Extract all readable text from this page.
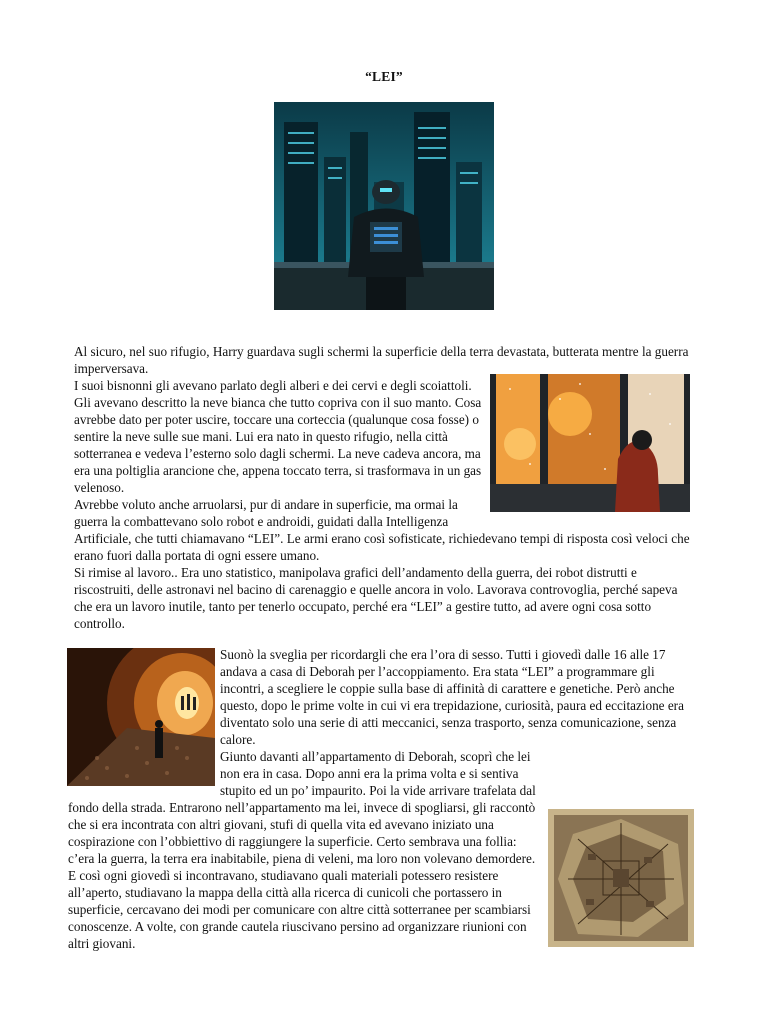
“LEI”

Al sicuro, nel suo rifugio, Harry guardava sugli schermi la superficie della terra devastata, butterata mentre la guerra imperversava.

I suoi bisnonni gli avevano parlato degli alberi e dei cervi e degli scoiattoli. Gli avevano descritto la neve bianca che tutto copriva con il suo manto. Cosa avrebbe dato per poter uscire, toccare una corteccia (qualunque cosa fosse) o sentire la neve sulle sue mani. Lui era nato in questo rifugio, nella città sotterranea e vedeva l’esterno solo dagli schermi. La neve cadeva ancora, ma era una poltiglia arancione che, appena toccato terra, si trasformava in un gas velenoso.

Avrebbe voluto anche arruolarsi, pur di andare in superficie, ma ormai la guerra la combattevano solo robot e androidi, guidati dalla Intelligenza Artificiale, che tutti chiamavano “LEI”. Le armi erano così sofisticate, richiedevano tempi di risposta così veloci che erano fuori dalla portata di ogni essere umano.

Si rimise al lavoro.. Era uno statistico, manipolava grafici dell’andamento della guerra, dei robot distrutti e riscostruiti, delle astronavi nel bacino di carenaggio e quelle ancora in volo. Lavorava controvoglia, perché sapeva che era un lavoro inutile, tanto per tenerlo occupato, perché era “LEI” a gestire tutto, ad avere ogni cosa sotto controllo.

Suonò la sveglia per ricordargli che era l’ora di sesso. Tutti i giovedì dalle 16 alle 17 andava a casa di Deborah per l’accoppiamento. Era stata “LEI” a programmare gli incontri, a scegliere le coppie sulla base di affinità di carattere e genetiche. Però anche questo, dopo le prime volte in cui vi era trepidazione, curiosità, paura ed eccitazione era diventato solo una serie di atti meccanici, senza trasporto, senza comunicazione, senza calore.

Giunto davanti all’appartamento di Deborah, scoprì che lei non era in casa. Dopo anni era la prima volta e si sentiva stupito ed un po’ impaurito. Poi la vide arrivare trafelata dal fondo della strada. Entrarono nell’appartamento ma lei, invece di spogliarsi, gli raccontò che si era incontrata con altri giovani, stufi di quella vita ed avevano iniziato una cospirazione con l’obbiettivo di raggiungere la superficie. Certo sembrava una follia: c’era la guerra, la terra era inabitabile, piena di veleni, ma loro non volevano demordere. E così ogni giovedì si incontravano, studiavano quali materiali potessero resistere all’aperto, studiavano la mappa della città alla ricerca di cunicoli che portassero in superficie, cercavano dei modi per comunicare con altre città sotterranee per scambiarsi conoscenze. A volte, con grande cautela riuscivano persino ad organizzare riunioni con altri giovani.
